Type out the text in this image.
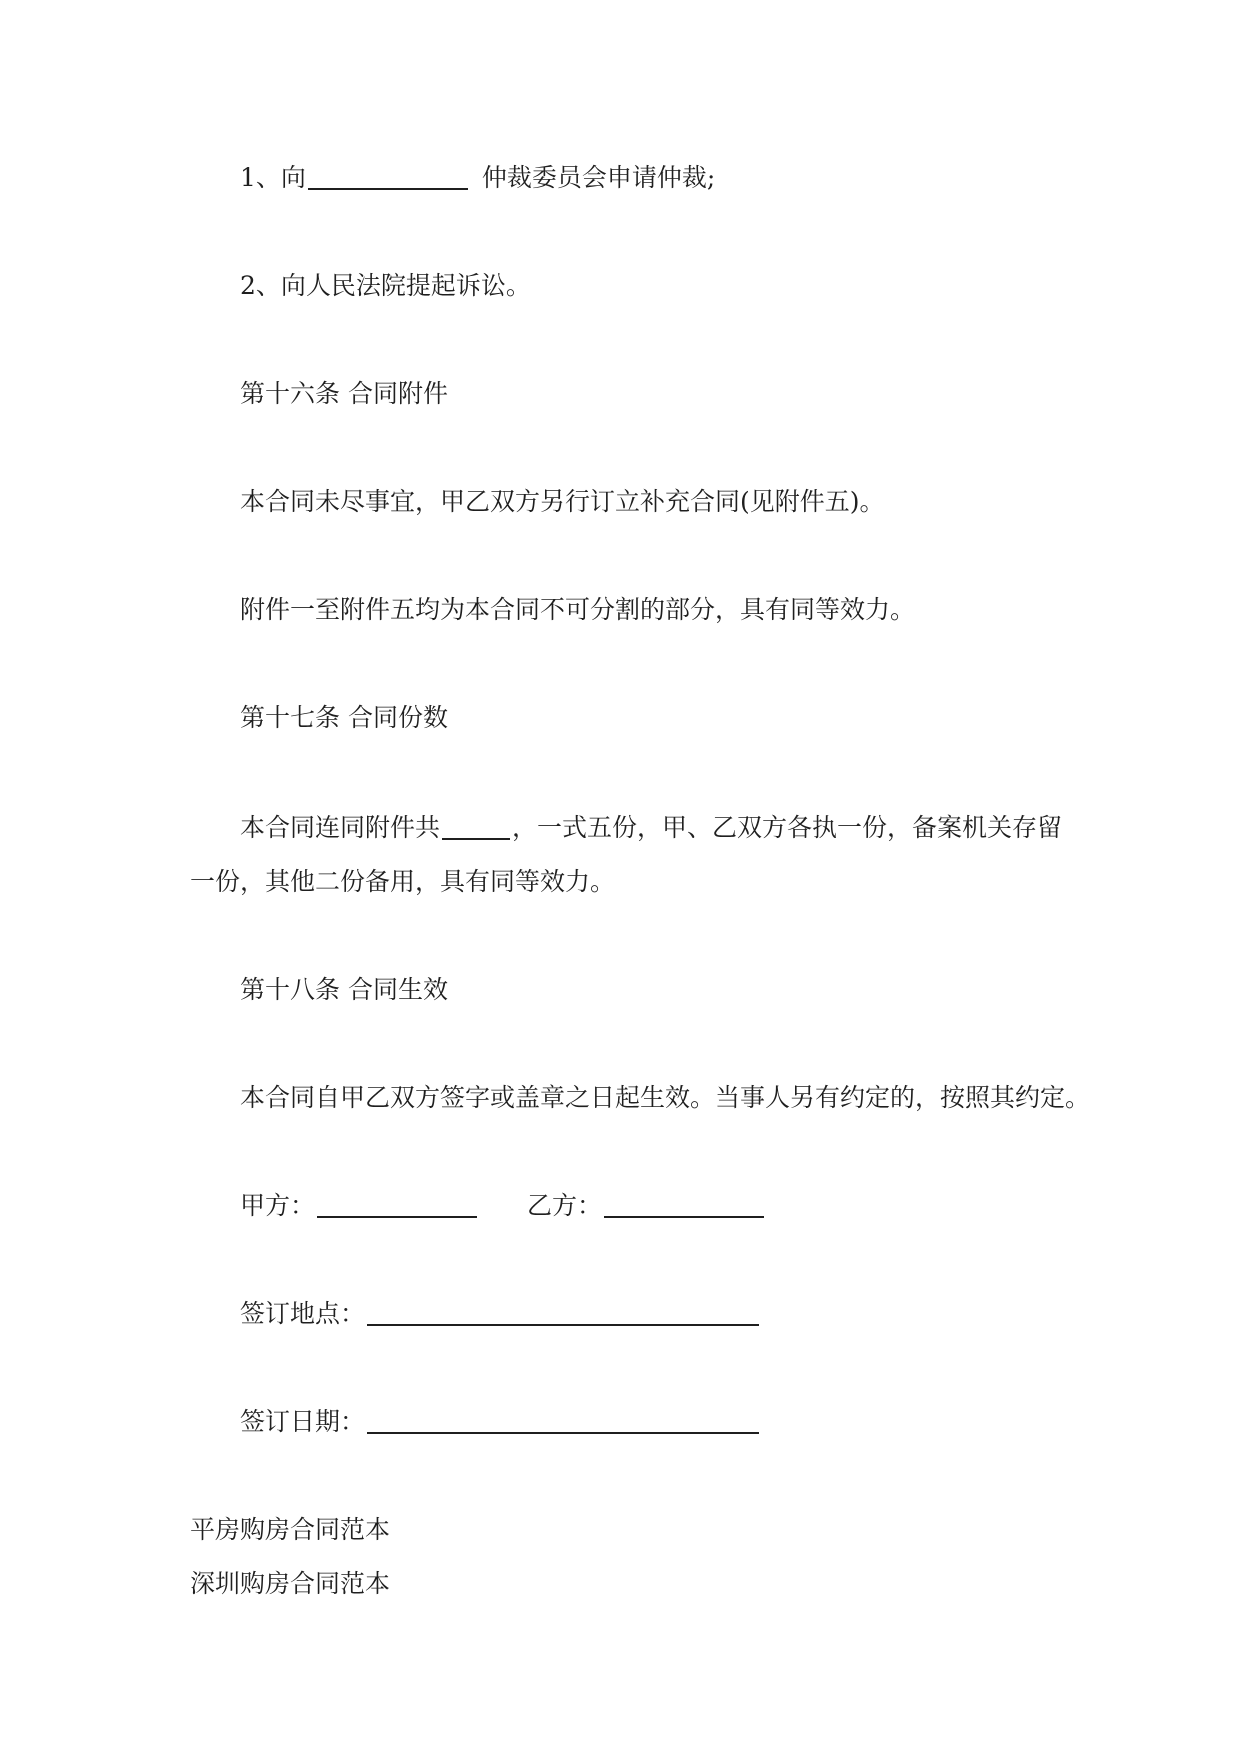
1、向	仲裁委员会申请仲裁;
2、向人民法院提起诉讼。
第十六条 合同附件
本合同未尽事宜，甲乙双方另行订立补充合同(见附件五)。
附件一至附件五均为本合同不可分割的部分，具有同等效力。
第十七条 合同份数
本合同连同附件共	，一式五份，甲、乙双方各执一份，备案机关存留
一份，其他二份备用，具有同等效力。
第十八条 合同生效
本合同自甲乙双方签字或盖章之日起生效。当事人另有约定的，按照其约定。
甲方：	乙方：
签订地点：
签订日期：
平房购房合同范本
深圳购房合同范本
